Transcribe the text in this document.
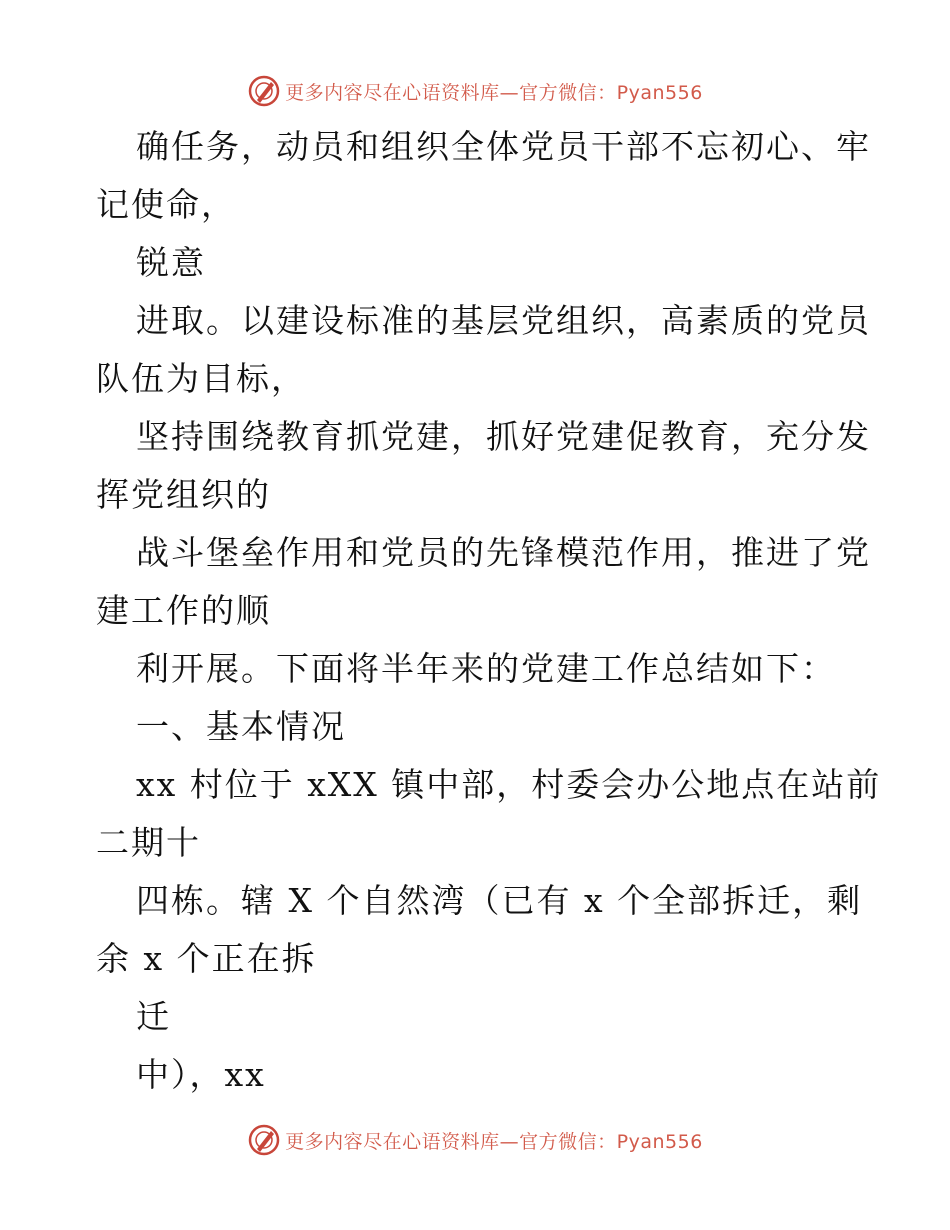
更多内容尽在心语资料库—官方微信：Pyan556

确任务，动员和组织全体党员干部不忘初心、牢

记使命，

锐意

进取。以建设标准的基层党组织，高素质的党员

队伍为目标，

坚持围绕教育抓党建，抓好党建促教育，充分发

挥党组织的

战斗堡垒作用和党员的先锋模范作用，推进了党

建工作的顺

利开展。下面将半年来的党建工作总结如下：

一、基本情况

xx 村位于 xXX 镇中部，村委会办公地点在站前

二期十

四栋。辖 X 个自然湾（已有 x 个全部拆迁，剩

余 x 个正在拆

迁

中），xx

更多内容尽在心语资料库—官方微信：Pyan556
